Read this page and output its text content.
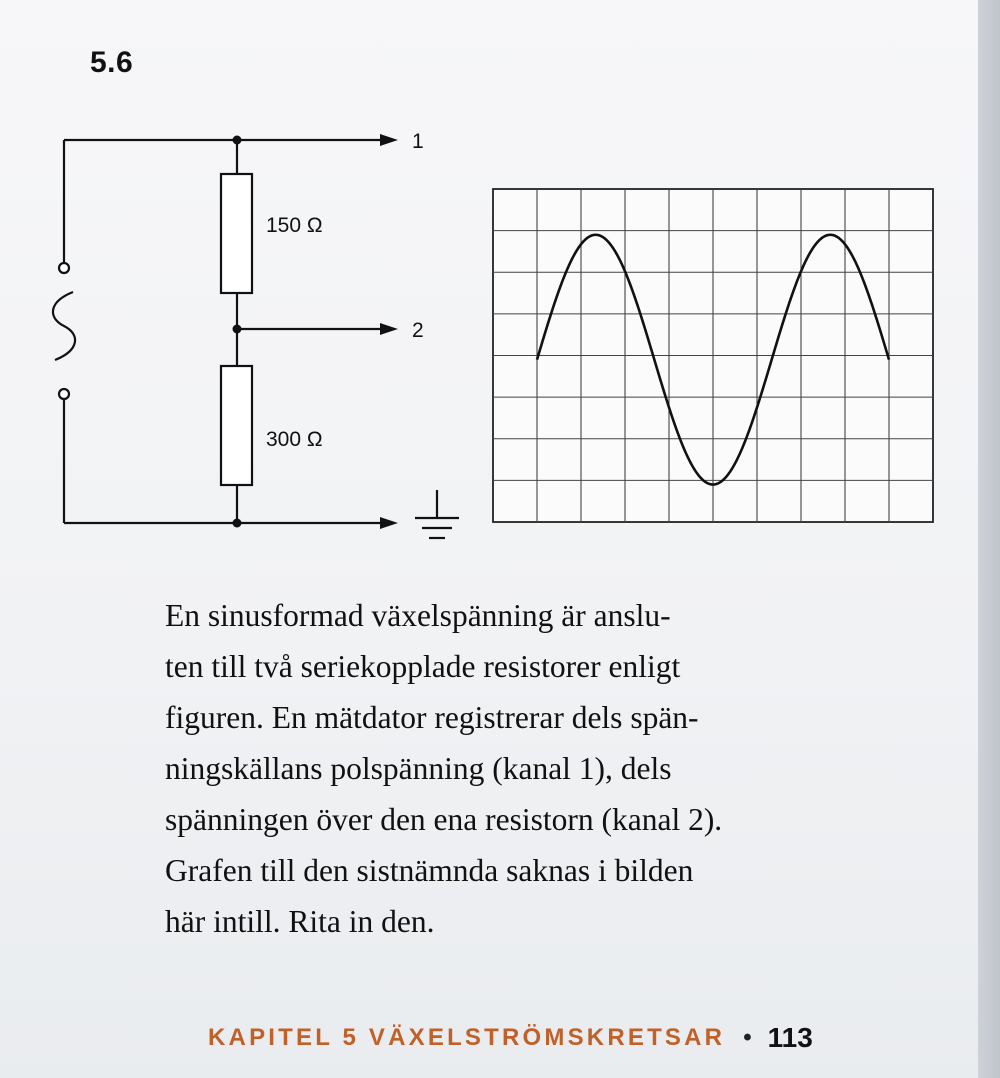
5.6
1
2
150 Ω
300 Ω
En sinusformad växelspänning är anslu-
ten till två seriekopplade resistorer enligt
figuren. En mätdator registrerar dels spän-
ningskällans polspänning (kanal 1), dels
spänningen över den ena resistorn (kanal 2).
Grafen till den sistnämnda saknas i bilden
här intill. Rita in den.
KAPITEL 5 VÄXELSTRÖMSKRETSAR • 113
